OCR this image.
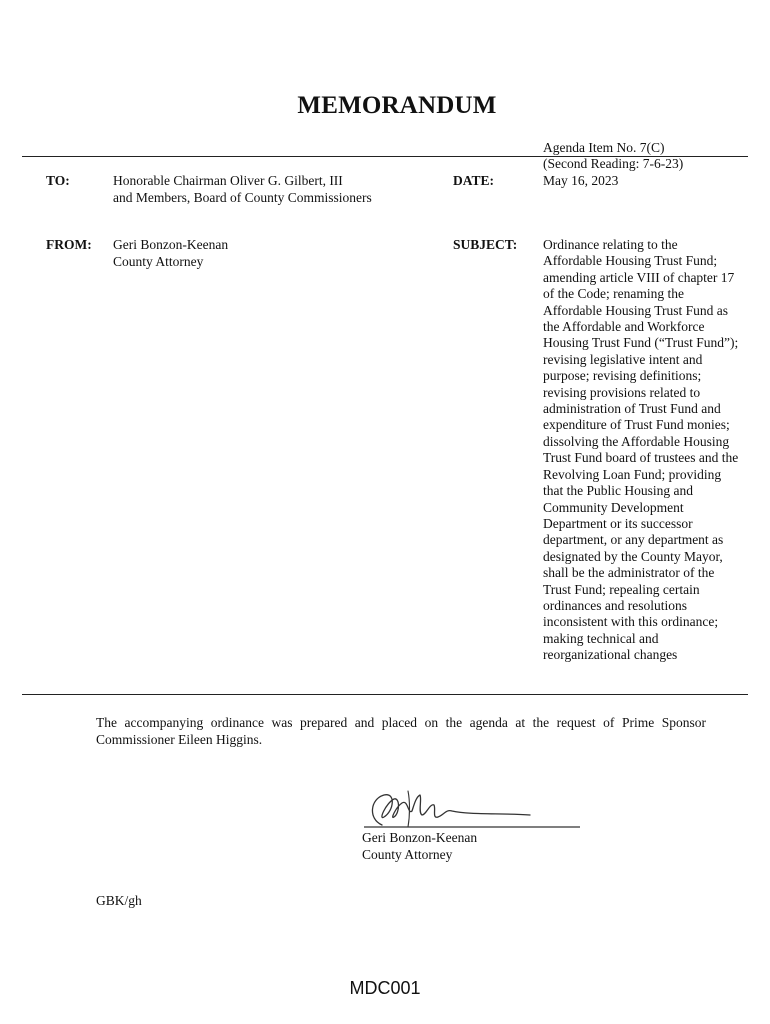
MEMORANDUM
Agenda Item No. 7(C)
(Second Reading: 7-6-23)
TO:	Honorable Chairman Oliver G. Gilbert, III
and Members, Board of County Commissioners
DATE:	May 16, 2023
FROM: Geri Bonzon-Keenan
County Attorney
SUBJECT: Ordinance relating to the
Affordable Housing Trust Fund;
amending article VIII of chapter 17
of the Code; renaming the
Affordable Housing Trust Fund as
the Affordable and Workforce
Housing Trust Fund (“Trust Fund”);
revising legislative intent and
purpose; revising definitions;
revising provisions related to
administration of Trust Fund and
expenditure of Trust Fund monies;
dissolving the Affordable Housing
Trust Fund board of trustees and the
Revolving Loan Fund; providing
that the Public Housing and
Community Development
Department or its successor
department, or any department as
designated by the County Mayor,
shall be the administrator of the
Trust Fund; repealing certain
ordinances and resolutions
inconsistent with this ordinance;
making technical and
reorganizational changes

The accompanying ordinance was prepared and placed on the agenda at the request of Prime Sponsor Commissioner Eileen Higgins.

Geri Bonzon-Keenan
County Attorney
GBK/gh
MDC001
